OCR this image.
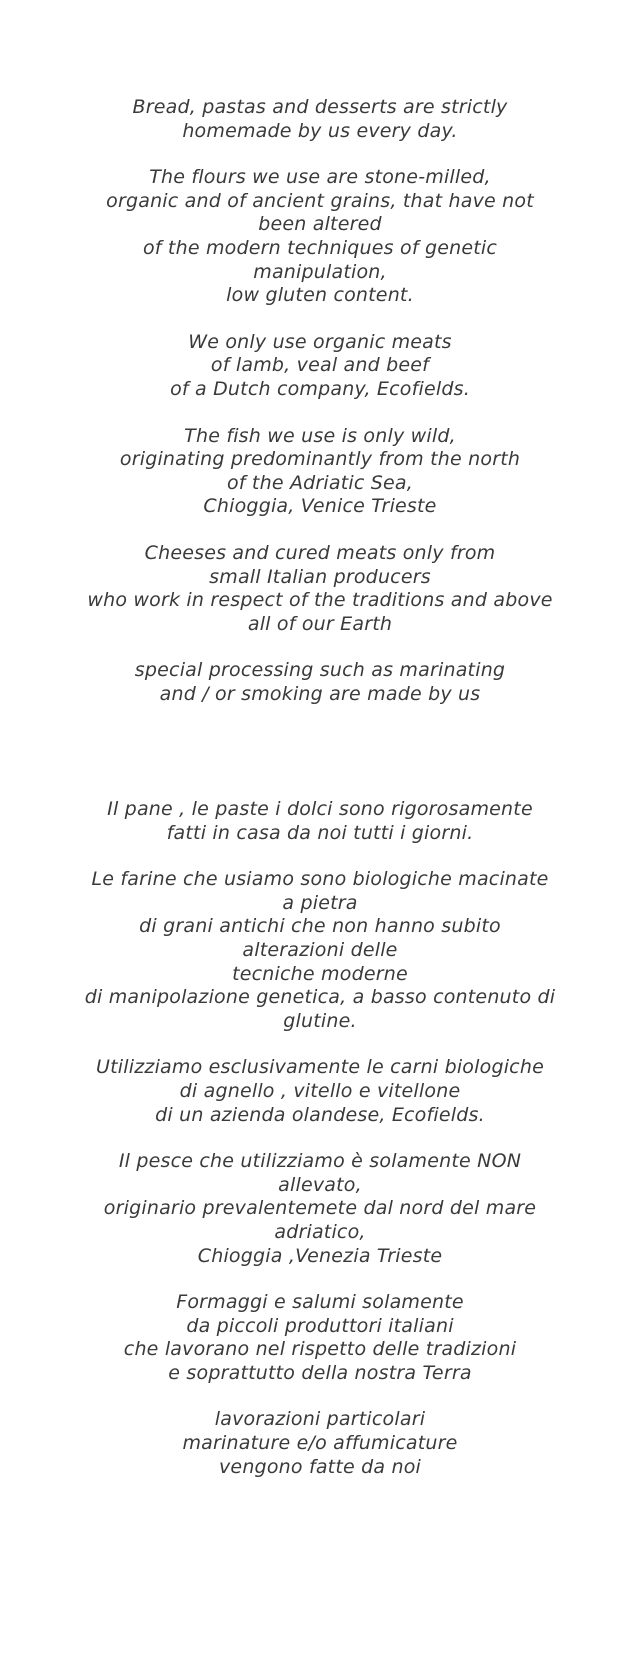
Bread, pastas and desserts are strictly
homemade by us every day.

The flours we use are stone-milled,
organic and of ancient grains, that have not
been altered
of the modern techniques of genetic
manipulation,
low gluten content.

We only use organic meats
of lamb, veal and beef
of a Dutch company, Ecofields.

The fish we use is only wild,
originating predominantly from the north
of the Adriatic Sea,
Chioggia, Venice Trieste

Cheeses and cured meats only from
small Italian producers
who work in respect of the traditions and above
all of our Earth

special processing such as marinating
and / or smoking are made by us

Il pane , le paste i dolci sono rigorosamente
fatti in casa da noi tutti i giorni.

Le farine che usiamo sono biologiche macinate
a pietra
di grani antichi che non hanno subito
alterazioni delle
tecniche moderne
di manipolazione genetica, a basso contenuto di
glutine.

Utilizziamo esclusivamente le carni biologiche
di agnello , vitello e vitellone
di un azienda olandese, Ecofields.

Il pesce che utilizziamo è solamente NON
allevato,
originario prevalentemete dal nord del mare
adriatico,
Chioggia ,Venezia Trieste

Formaggi e salumi solamente
da piccoli produttori italiani
che lavorano nel rispetto delle tradizioni
e soprattutto della nostra Terra

lavorazioni particolari
marinature e/o affumicature
vengono fatte da noi
